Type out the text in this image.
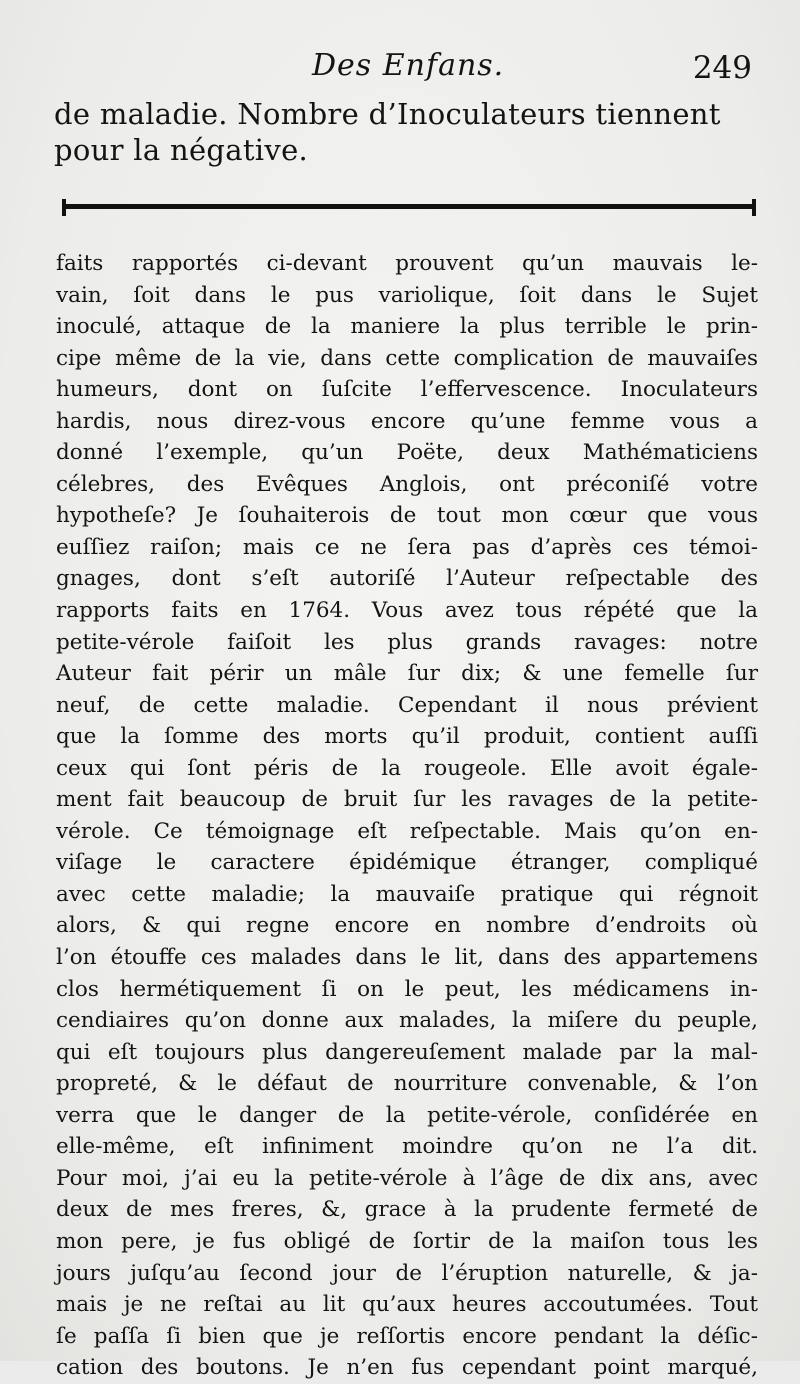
Des Enfans.	249
de maladie. Nombre d’Inoculateurs tiennent
pour la négative.
faits rapportés ci-devant prouvent qu’un mauvais le-
vain, ſoit dans le pus variolique, ſoit dans le Sujet
inoculé, attaque de la maniere la plus terrible le prin-
cipe même de la vie, dans cette complication de mauvaiſes
humeurs, dont on ſuſcite l’effervescence. Inoculateurs
hardis, nous direz-vous encore qu’une femme vous a
donné l’exemple, qu’un Poëte, deux Mathématiciens
célebres, des Evêques Anglois, ont préconiſé votre
hypotheſe? Je ſouhaiterois de tout mon cœur que vous
euſſiez raiſon; mais ce ne ſera pas d’après ces témoi-
gnages, dont s’eſt autoriſé l’Auteur reſpectable des
rapports faits en 1764. Vous avez tous répété que la
petite-vérole faiſoit les plus grands ravages: notre
Auteur fait périr un mâle ſur dix; & une femelle ſur
neuf, de cette maladie. Cependant il nous prévient
que la ſomme des morts qu’il produit, contient auſſi
ceux qui ſont péris de la rougeole. Elle avoit égale-
ment fait beaucoup de bruit ſur les ravages de la petite-
vérole. Ce témoignage eſt reſpectable. Mais qu’on en-
viſage le caractere épidémique étranger, compliqué
avec cette maladie; la mauvaiſe pratique qui régnoit
alors, & qui regne encore en nombre d’endroits où
l’on étouffe ces malades dans le lit, dans des appartemens
clos hermétiquement ſi on le peut, les médicamens in-
cendiaires qu’on donne aux malades, la miſere du peuple,
qui eſt toujours plus dangereuſement malade par la mal-
propreté, & le défaut de nourriture convenable, & l’on
verra que le danger de la petite-vérole, conſidérée en
elle-même, eſt infiniment moindre qu’on ne l’a dit.
Pour moi, j’ai eu la petite-vérole à l’âge de dix ans, avec
deux de mes freres, &, grace à la prudente fermeté de
mon pere, je fus obligé de ſortir de la maiſon tous les
jours juſqu’au ſecond jour de l’éruption naturelle, & ja-
mais je ne reſtai au lit qu’aux heures accoutumées. Tout
ſe paſſa ſi bien que je reſſortis encore pendant la déſic-
cation des boutons. Je n’en fus cependant point marqué,
